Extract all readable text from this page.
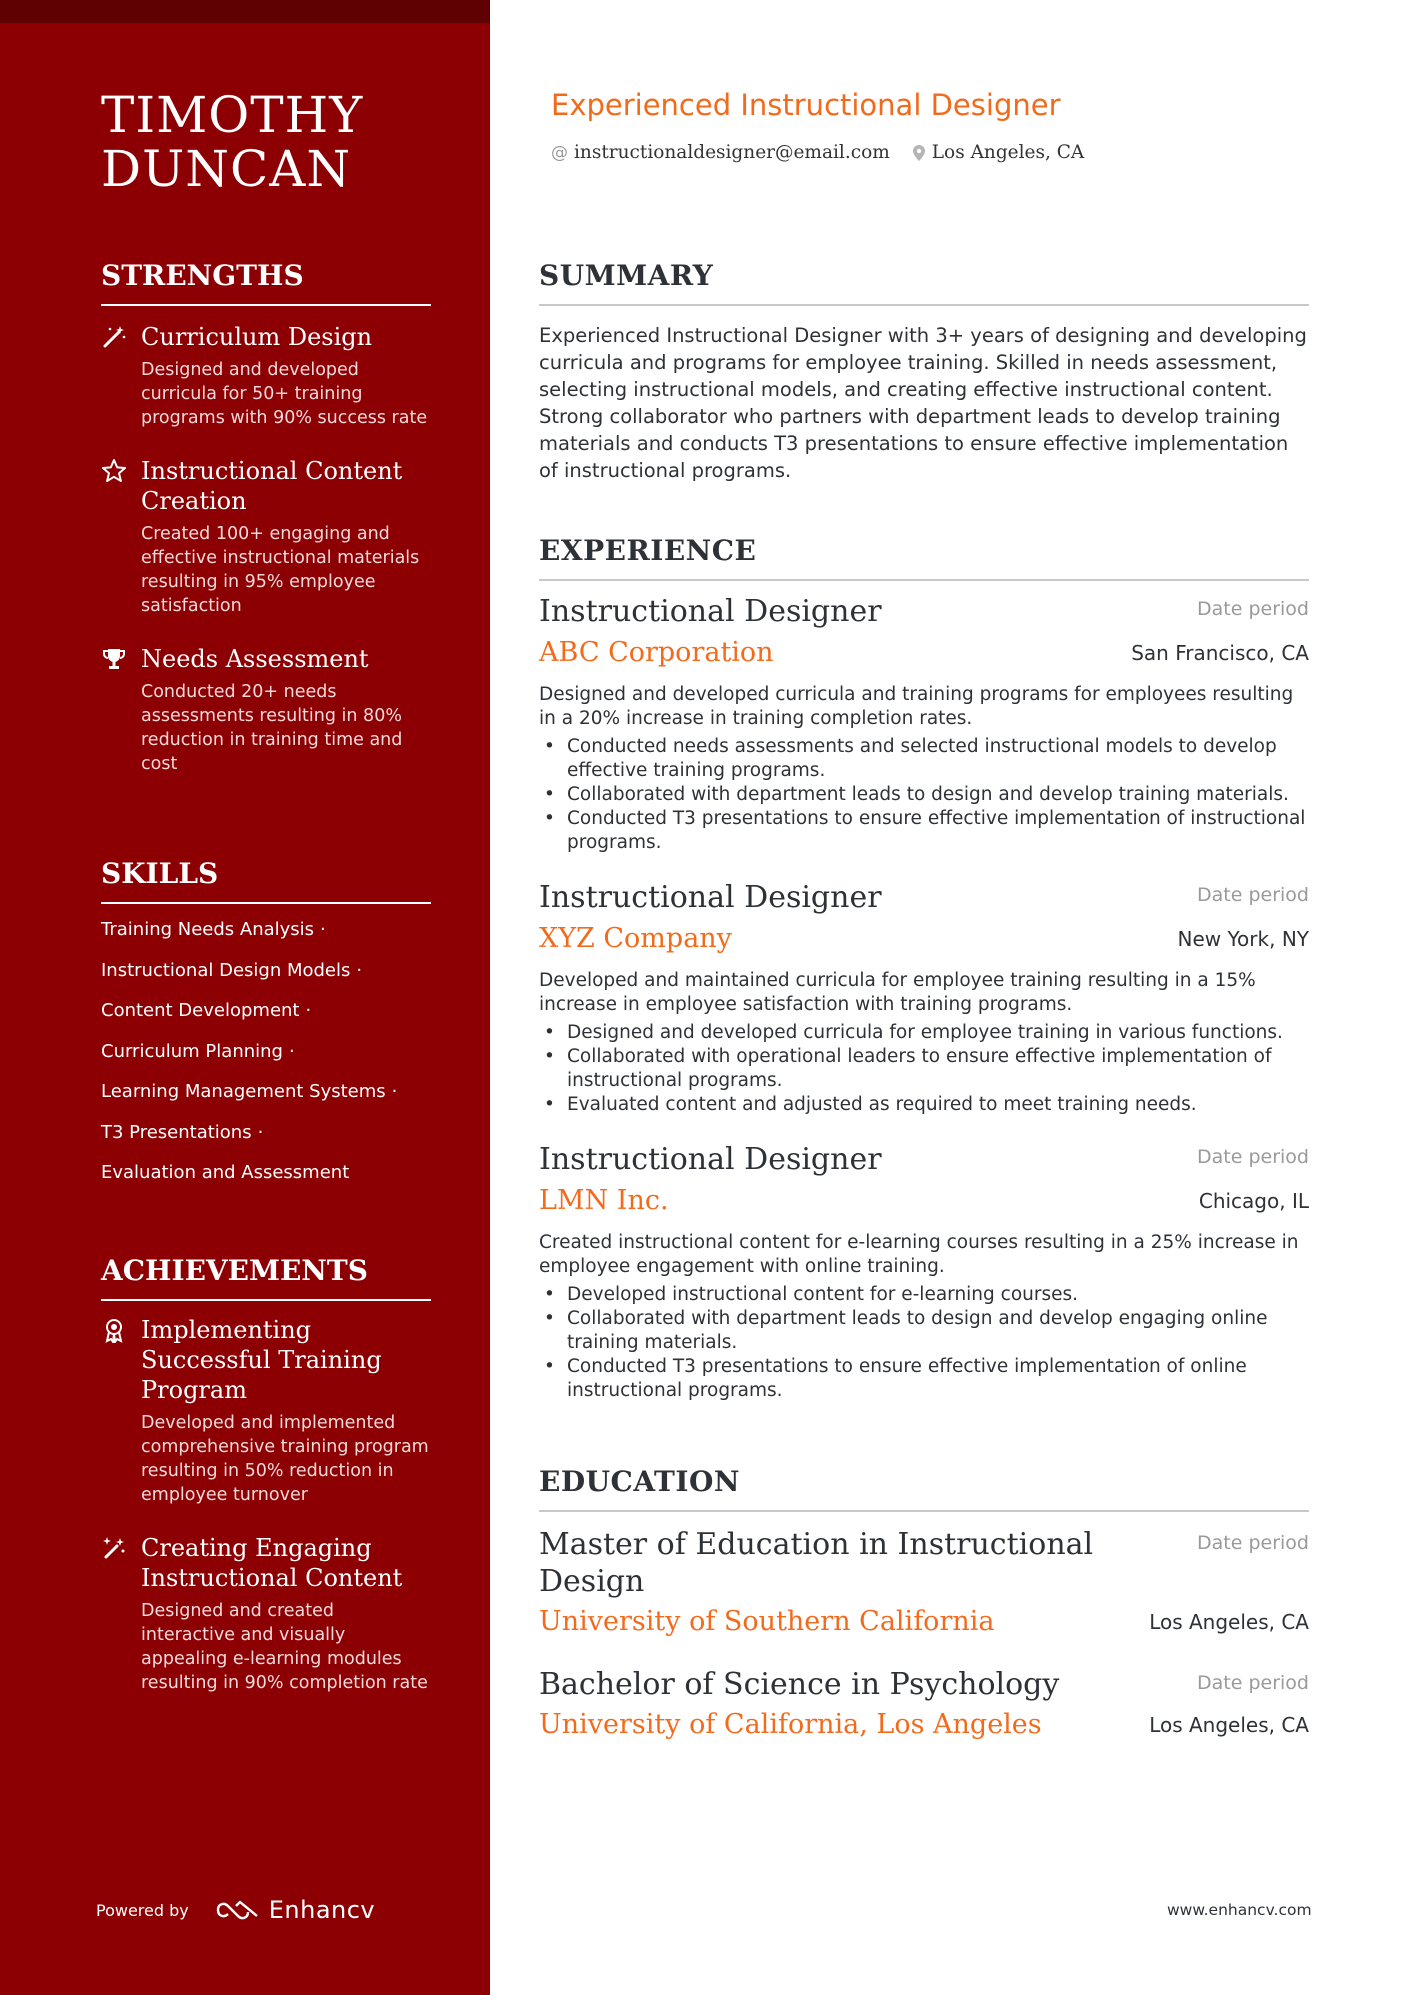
TIMOTHY
DUNCAN
STRENGTHS
Curriculum Design
Designed and developed curricula for 50+ training programs with 90% success rate
Instructional Content Creation
Created 100+ engaging and effective instructional materials resulting in 95% employee satisfaction
Needs Assessment
Conducted 20+ needs assessments resulting in 80% reduction in training time and cost
SKILLS
Training Needs Analysis ·
Instructional Design Models ·
Content Development ·
Curriculum Planning ·
Learning Management Systems ·
T3 Presentations ·
Evaluation and Assessment
ACHIEVEMENTS
Implementing Successful Training Program
Developed and implemented comprehensive training program resulting in 50% reduction in employee turnover
Creating Engaging Instructional Content
Designed and created interactive and visually appealing e-learning modules resulting in 90% completion rate
Powered by	Enhancv
Experienced Instructional Designer
@ instructionaldesigner@email.com Los Angeles, CA
SUMMARY
Experienced Instructional Designer with 3+ years of designing and developing curricula and programs for employee training. Skilled in needs assessment, selecting instructional models, and creating effective instructional content. Strong collaborator who partners with department leads to develop training materials and conducts T3 presentations to ensure effective implementation of instructional programs.
EXPERIENCE
Instructional Designer	Date period
ABC Corporation	San Francisco, CA
Designed and developed curricula and training programs for employees resulting in a 20% increase in training completion rates.
• Conducted needs assessments and selected instructional models to develop effective training programs.
• Collaborated with department leads to design and develop training materials.
• Conducted T3 presentations to ensure effective implementation of instructional programs.
Instructional Designer	Date period
XYZ Company	New York, NY
Developed and maintained curricula for employee training resulting in a 15% increase in employee satisfaction with training programs.
• Designed and developed curricula for employee training in various functions.
• Collaborated with operational leaders to ensure effective implementation of instructional programs.
• Evaluated content and adjusted as required to meet training needs.
Instructional Designer	Date period
LMN Inc.	Chicago, IL
Created instructional content for e-learning courses resulting in a 25% increase in employee engagement with online training.
• Developed instructional content for e-learning courses.
• Collaborated with department leads to design and develop engaging online training materials.
• Conducted T3 presentations to ensure effective implementation of online instructional programs.
EDUCATION
Master of Education in Instructional Design
Date period
University of Southern California	Los Angeles, CA
Bachelor of Science in Psychology	Date period
University of California, Los Angeles	Los Angeles, CA
www.enhancv.com
